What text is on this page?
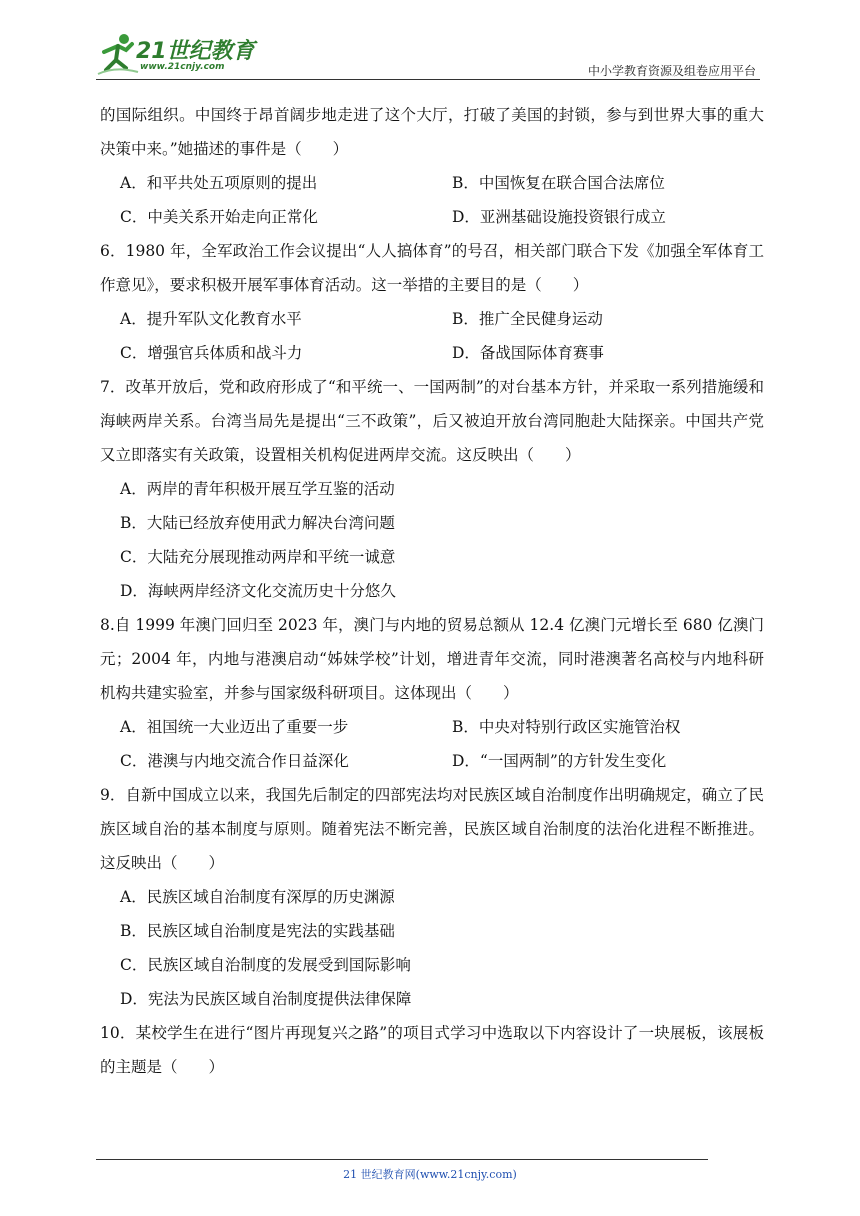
21世纪教育
www.21cnjy.com	中小学教育资源及组卷应用平台

的国际组织。中国终于昂首阔步地走进了这个大厅，打破了美国的封锁，参与到世界大事的重大决策中来。”她描述的事件是（　　）

A．和平共处五项原则的提出	B．中国恢复在联合国合法席位
C．中美关系开始走向正常化	D．亚洲基础设施投资银行成立

6．1980 年，全军政治工作会议提出“人人搞体育”的号召，相关部门联合下发《加强全军体育工作意见》，要求积极开展军事体育活动。这一举措的主要目的是（　　）

A．提升军队文化教育水平	B．推广全民健身运动
C．增强官兵体质和战斗力	D．备战国际体育赛事

7．改革开放后，党和政府形成了“和平统一、一国两制”的对台基本方针，并采取一系列措施缓和海峡两岸关系。台湾当局先是提出“三不政策”，后又被迫开放台湾同胞赴大陆探亲。中国共产党又立即落实有关政策，设置相关机构促进两岸交流。这反映出（　　）

A．两岸的青年积极开展互学互鉴的活动
B．大陆已经放弃使用武力解决台湾问题
C．大陆充分展现推动两岸和平统一诚意
D．海峡两岸经济文化交流历史十分悠久

8.自 1999 年澳门回归至 2023 年，澳门与内地的贸易总额从 12.4 亿澳门元增长至 680 亿澳门元；2004 年，内地与港澳启动“姊妹学校”计划，增进青年交流，同时港澳著名高校与内地科研机构共建实验室，并参与国家级科研项目。这体现出（　　）

A．祖国统一大业迈出了重要一步	B．中央对特别行政区实施管治权
C．港澳与内地交流合作日益深化	D．“一国两制”的方针发生变化

9．自新中国成立以来，我国先后制定的四部宪法均对民族区域自治制度作出明确规定，确立了民族区域自治的基本制度与原则。随着宪法不断完善，民族区域自治制度的法治化进程不断推进。这反映出（　　）

A．民族区域自治制度有深厚的历史渊源
B．民族区域自治制度是宪法的实践基础
C．民族区域自治制度的发展受到国际影响
D．宪法为民族区域自治制度提供法律保障

10．某校学生在进行“图片再现复兴之路”的项目式学习中选取以下内容设计了一块展板，该展板的主题是（　　）

21 世纪教育网(www.21cnjy.com)
